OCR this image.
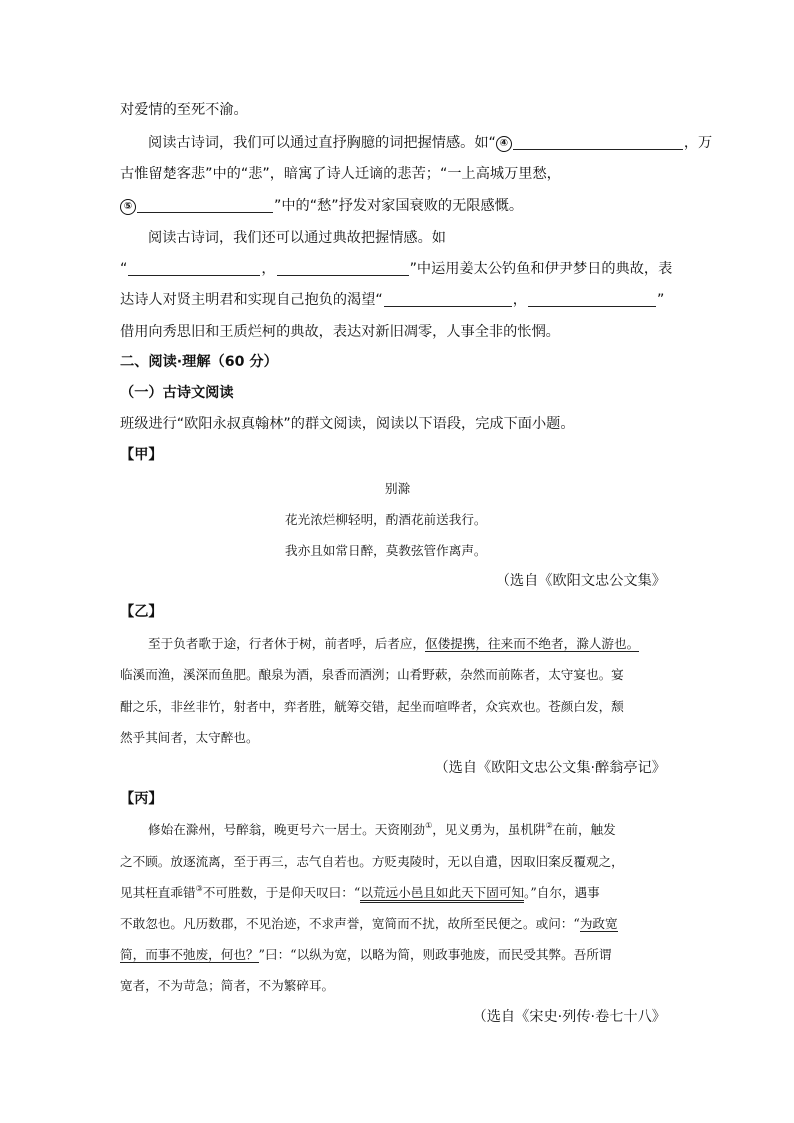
对爱情的至死不渝。
阅读古诗词，我们可以通过直抒胸臆的词把握情感。如“ ④	，万
古惟留楚客悲”中的“悲”，暗寓了诗人迁谪的悲苦；“一上高城万里愁，
⑤	”中的“愁”抒发对家国衰败的无限感慨。
阅读古诗词，我们还可以通过典故把握情感。如
“	，	”中运用姜太公钓鱼和伊尹梦日的典故，表
达诗人对贤主明君和实现自己抱负的渴望“	，	”
借用向秀思旧和王质烂柯的典故，表达对新旧凋零，人事全非的怅惘。
二、阅读·理解（60 分）
（一）古诗文阅读
班级进行“欧阳永叔真翰林”的群文阅读，阅读以下语段，完成下面小题。
【甲】
别滁
花光浓烂柳轻明，酌酒花前送我行。
我亦且如常日醉，莫教弦管作离声。
（选自《欧阳文忠公文集》
【乙】
至于负者歌于途，行者休于树，前者呼，后者应，伛偻提携，往来而不绝者，滁人游也。
临溪而渔，溪深而鱼肥。酿泉为酒，泉香而酒洌；山肴野蔌，杂然而前陈者，太守宴也。宴
酣之乐，非丝非竹，射者中，弈者胜，觥筹交错，起坐而喧哗者，众宾欢也。苍颜白发，颓
然乎其间者，太守醉也。
（选自《欧阳文忠公文集·醉翁亭记》
【丙】
修始在滁州，号醉翁，晚更号六一居士。天资刚劲①，见义勇为，虽机阱②在前，触发
之不顾。放逐流离，至于再三，志气自若也。方贬夷陵时，无以自遣，因取旧案反覆观之，
见其枉直乖错③不可胜数，于是仰天叹曰：“以荒远小邑且如此天下固可知。”自尔，遇事
不敢忽也。凡历数郡，不见治迹，不求声誉，宽简而不扰，故所至民便之。或问：“为政宽
简，而事不弛废，何也？”曰：“以纵为宽，以略为简，则政事弛废，而民受其弊。吾所谓
宽者，不为苛急；简者，不为繁碎耳。
（选自《宋史·列传·卷七十八》
